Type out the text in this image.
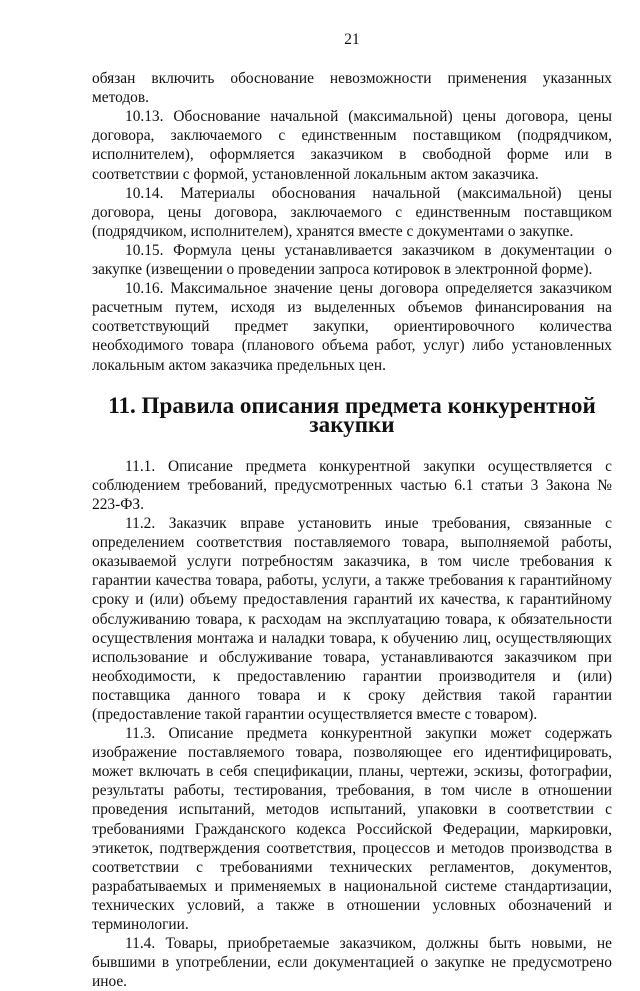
21

обязан включить обоснование невозможности применения указанных методов.

10.13. Обоснование начальной (максимальной) цены договора, цены договора, заключаемого с единственным поставщиком (подрядчиком, исполнителем), оформляется заказчиком в свободной форме или в соответствии с формой, установленной локальным актом заказчика.

10.14. Материалы обоснования начальной (максимальной) цены договора, цены договора, заключаемого с единственным поставщиком (подрядчиком, исполнителем), хранятся вместе с документами о закупке.

10.15. Формула цены устанавливается заказчиком в документации о закупке (извещении о проведении запроса котировок в электронной форме).

10.16. Максимальное значение цены договора определяется заказчиком расчетным путем, исходя из выделенных объемов финансирования на соответствующий предмет закупки, ориентировочного количества необходимого товара (планового объема работ, услуг) либо установленных локальным актом заказчика предельных цен.

11. Правила описания предмета конкурентной закупки

11.1. Описание предмета конкурентной закупки осуществляется с соблюдением требований, предусмотренных частью 6.1 статьи 3 Закона № 223-ФЗ.

11.2. Заказчик вправе установить иные требования, связанные с определением соответствия поставляемого товара, выполняемой работы, оказываемой услуги потребностям заказчика, в том числе требования к гарантии качества товара, работы, услуги, а также требования к гарантийному сроку и (или) объему предоставления гарантий их качества, к гарантийному обслуживанию товара, к расходам на эксплуатацию товара, к обязательности осуществления монтажа и наладки товара, к обучению лиц, осуществляющих использование и обслуживание товара, устанавливаются заказчиком при необходимости, к предоставлению гарантии производителя и (или) поставщика данного товара и к сроку действия такой гарантии (предоставление такой гарантии осуществляется вместе с товаром).

11.3. Описание предмета конкурентной закупки может содержать изображение поставляемого товара, позволяющее его идентифицировать, может включать в себя спецификации, планы, чертежи, эскизы, фотографии, результаты работы, тестирования, требования, в том числе в отношении проведения испытаний, методов испытаний, упаковки в соответствии с требованиями Гражданского кодекса Российской Федерации, маркировки, этикеток, подтверждения соответствия, процессов и методов производства в соответствии с требованиями технических регламентов, документов, разрабатываемых и применяемых в национальной системе стандартизации, технических условий, а также в отношении условных обозначений и терминологии.

11.4. Товары, приобретаемые заказчиком, должны быть новыми, не бывшими в употреблении, если документацией о закупке не предусмотрено иное.
